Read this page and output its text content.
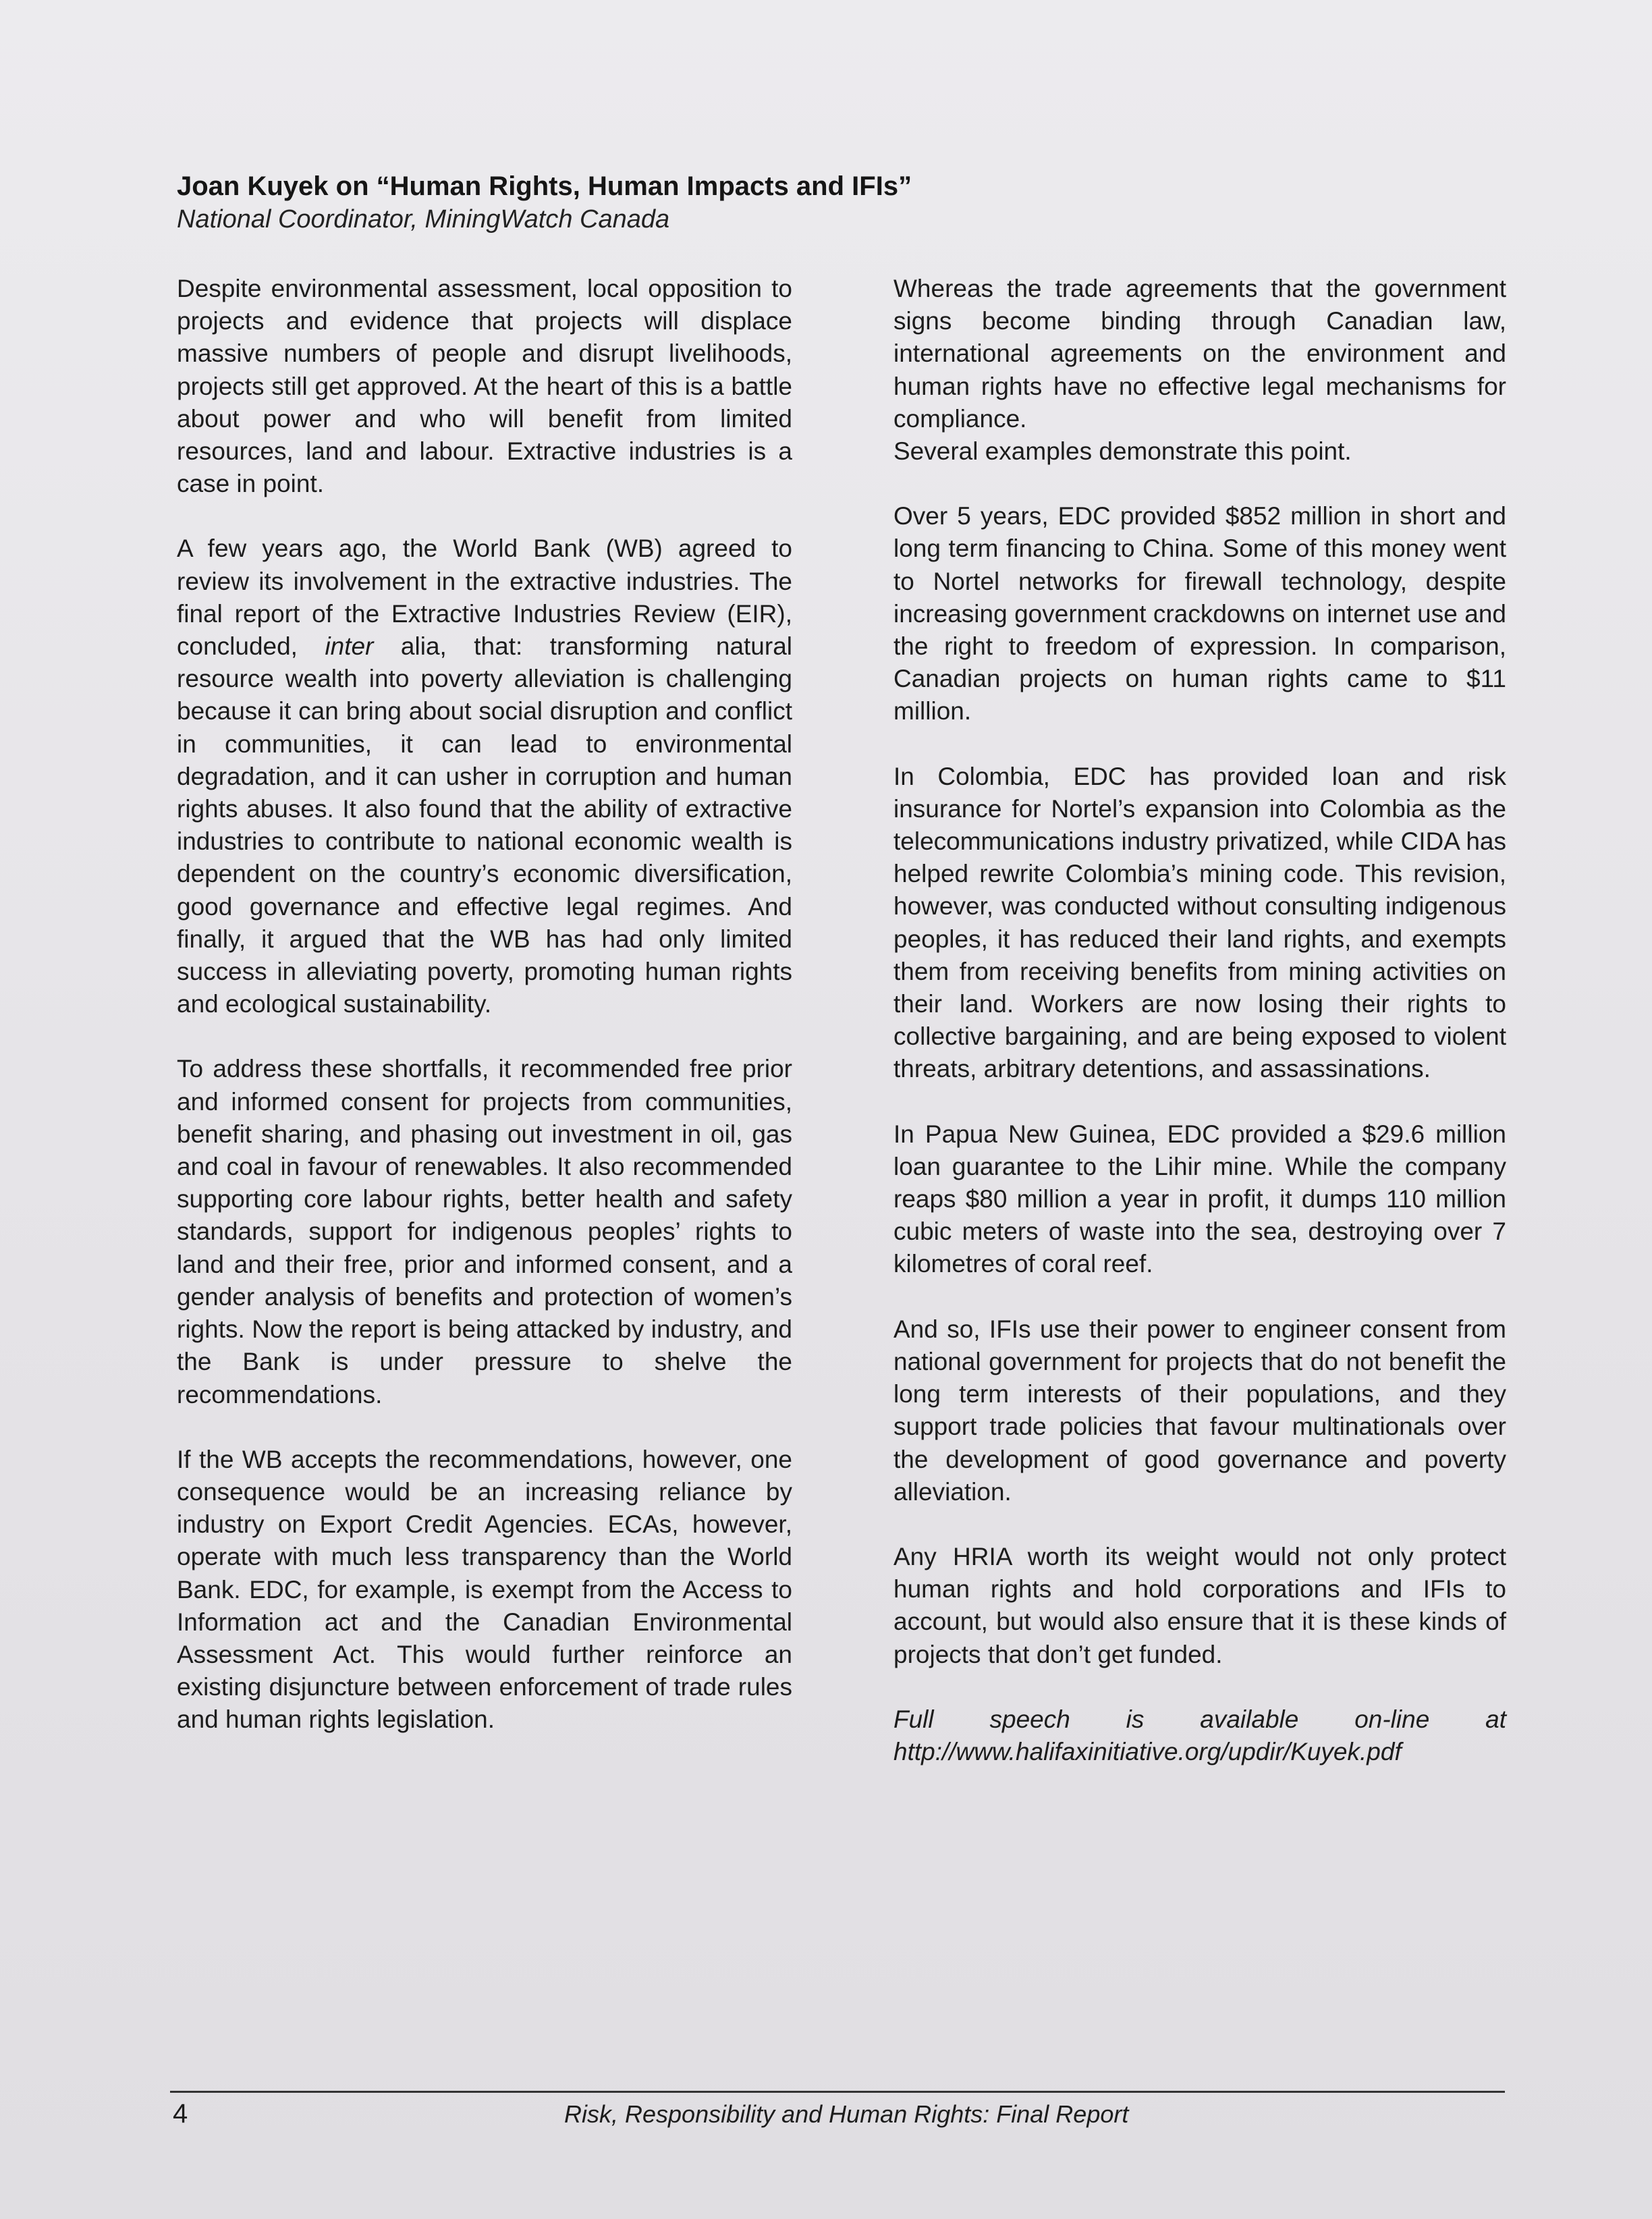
Joan Kuyek on “Human Rights, Human Impacts and IFIs”

National Coordinator, MiningWatch Canada

Despite environmental assessment, local opposition to projects and evidence that projects will displace massive numbers of people and disrupt livelihoods, projects still get approved. At the heart of this is a battle about power and who will benefit from limited resources, land and labour. Extractive industries is a case in point.

A few years ago, the World Bank (WB) agreed to review its involvement in the extractive industries. The final report of the Extractive Industries Review (EIR), concluded, inter alia, that: transforming natural resource wealth into poverty alleviation is challenging because it can bring about social disruption and conflict in communities, it can lead to environmental degradation, and it can usher in corruption and human rights abuses. It also found that the ability of extractive industries to contribute to national economic wealth is dependent on the country’s economic diversification, good governance and effective legal regimes. And finally, it argued that the WB has had only limited success in alleviating poverty, promoting human rights and ecological sustainability.

To address these shortfalls, it recommended free prior and informed consent for projects from communities, benefit sharing, and phasing out investment in oil, gas and coal in favour of renewables. It also recommended supporting core labour rights, better health and safety standards, support for indigenous peoples’ rights to land and their free, prior and informed consent, and a gender analysis of benefits and protection of women’s rights. Now the report is being attacked by industry, and the Bank is under pressure to shelve the recommendations.

If the WB accepts the recommendations, however, one consequence would be an increasing reliance by industry on Export Credit Agencies. ECAs, however, operate with much less transparency than the World Bank. EDC, for example, is exempt from the Access to Information act and the Canadian Environmental Assessment Act. This would further reinforce an existing disjuncture between enforcement of trade rules and human rights legislation.

Whereas the trade agreements that the government signs become binding through Canadian law, international agreements on the environment and human rights have no effective legal mechanisms for compliance.

Several examples demonstrate this point.

Over 5 years, EDC provided $852 million in short and long term financing to China. Some of this money went to Nortel networks for firewall technology, despite increasing government crackdowns on internet use and the right to freedom of expression. In comparison, Canadian projects on human rights came to $11 million.

In Colombia, EDC has provided loan and risk insurance for Nortel’s expansion into Colombia as the telecommunications industry privatized, while CIDA has helped rewrite Colombia’s mining code. This revision, however, was conducted without consulting indigenous peoples, it has reduced their land rights, and exempts them from receiving benefits from mining activities on their land. Workers are now losing their rights to collective bargaining, and are being exposed to violent threats, arbitrary detentions, and assassinations.

In Papua New Guinea, EDC provided a $29.6 million loan guarantee to the Lihir mine. While the company reaps $80 million a year in profit, it dumps 110 million cubic meters of waste into the sea, destroying over 7 kilometres of coral reef.

And so, IFIs use their power to engineer consent from national government for projects that do not benefit the long term interests of their populations, and they support trade policies that favour multinationals over the development of good governance and poverty alleviation.

Any HRIA worth its weight would not only protect human rights and hold corporations and IFIs to account, but would also ensure that it is these kinds of projects that don’t get funded.

Full speech is available on-line at http://www.halifaxinitiative.org/updir/Kuyek.pdf

4	Risk, Responsibility and Human Rights: Final Report
